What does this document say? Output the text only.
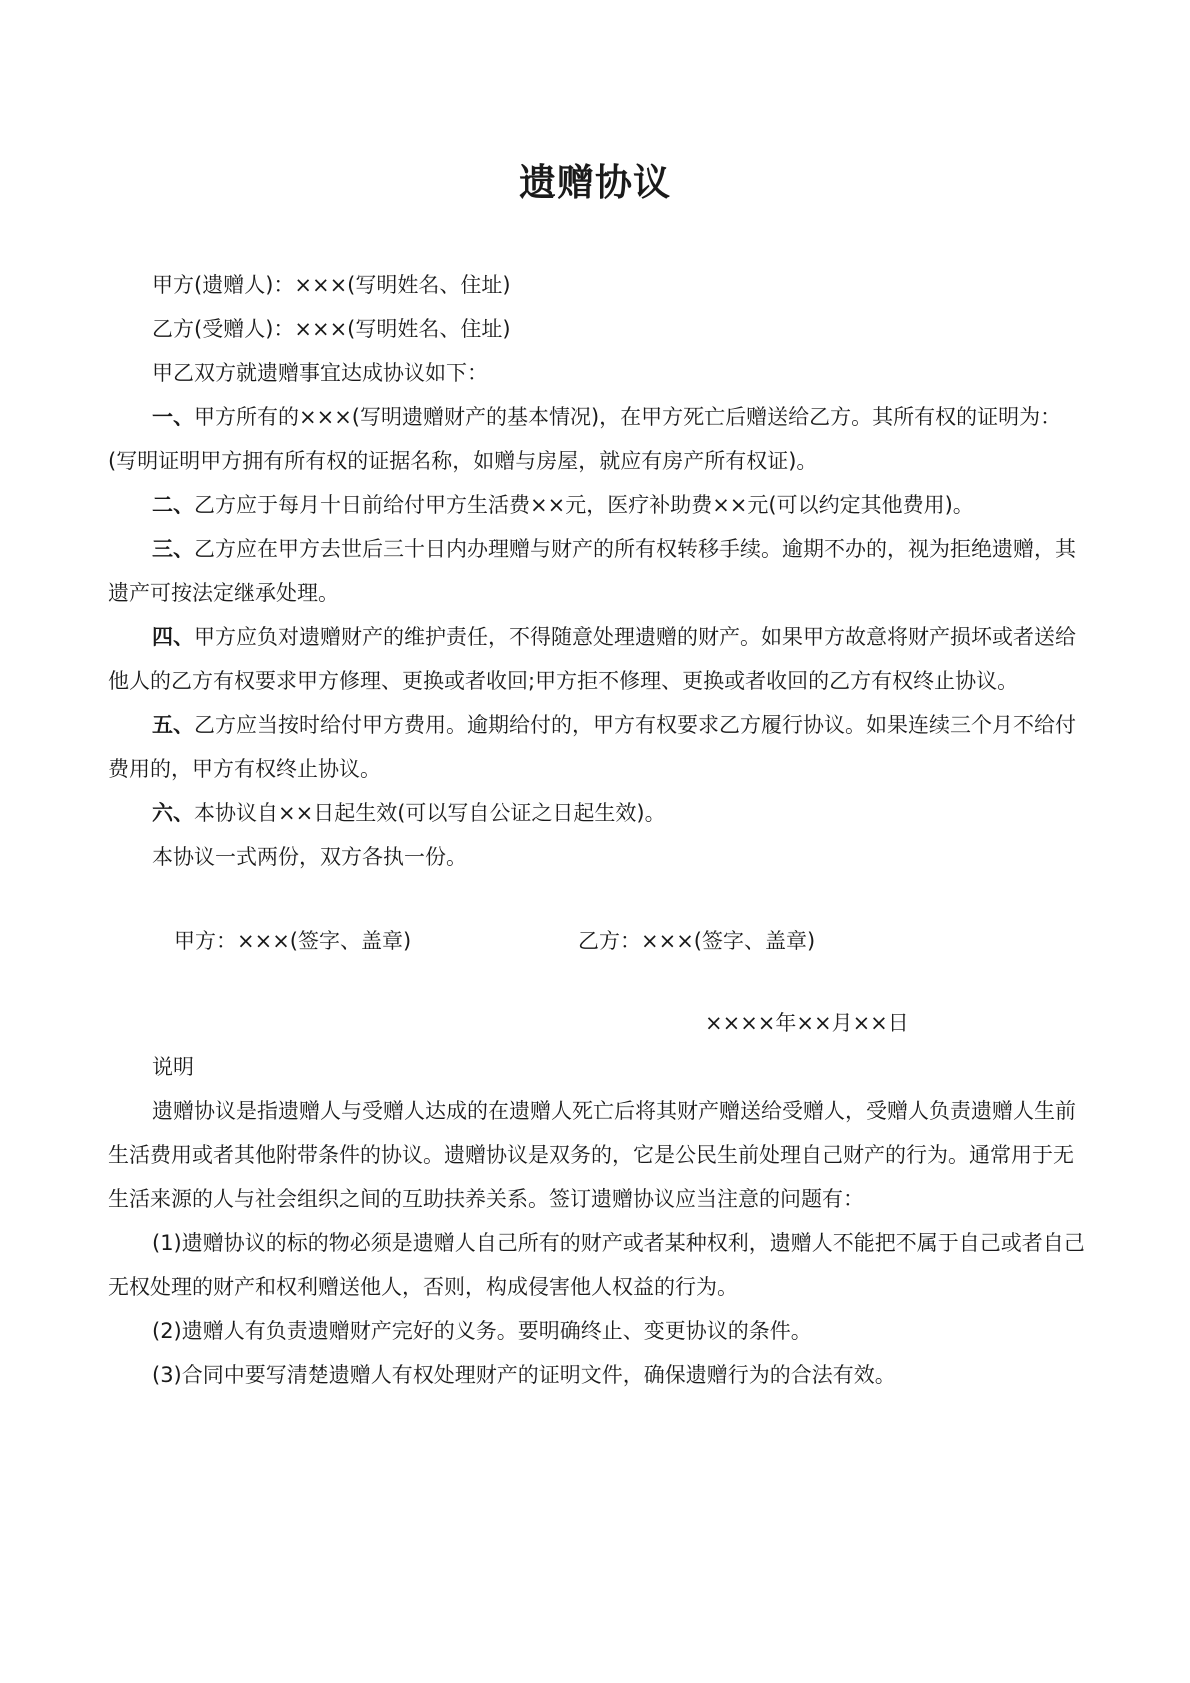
遗赠协议

甲方(遗赠人)：×××(写明姓名、住址)

乙方(受赠人)：×××(写明姓名、住址)

甲乙双方就遗赠事宜达成协议如下：

一、甲方所有的×××(写明遗赠财产的基本情况)，在甲方死亡后赠送给乙方。其所有权的证明为：(写明证明甲方拥有所有权的证据名称，如赠与房屋，就应有房产所有权证)。

二、乙方应于每月十日前给付甲方生活费××元，医疗补助费××元(可以约定其他费用)。

三、乙方应在甲方去世后三十日内办理赠与财产的所有权转移手续。逾期不办的，视为拒绝遗赠，其遗产可按法定继承处理。

四、甲方应负对遗赠财产的维护责任，不得随意处理遗赠的财产。如果甲方故意将财产损坏或者送给他人的乙方有权要求甲方修理、更换或者收回;甲方拒不修理、更换或者收回的乙方有权终止协议。

五、乙方应当按时给付甲方费用。逾期给付的，甲方有权要求乙方履行协议。如果连续三个月不给付费用的，甲方有权终止协议。

六、本协议自××日起生效(可以写自公证之日起生效)。

本协议一式两份，双方各执一份。

甲方：×××(签字、盖章)	乙方：×××(签字、盖章)
××××年××月××日

说明

遗赠协议是指遗赠人与受赠人达成的在遗赠人死亡后将其财产赠送给受赠人，受赠人负责遗赠人生前生活费用或者其他附带条件的协议。遗赠协议是双务的，它是公民生前处理自己财产的行为。通常用于无生活来源的人与社会组织之间的互助扶养关系。签订遗赠协议应当注意的问题有：

(1)遗赠协议的标的物必须是遗赠人自己所有的财产或者某种权利，遗赠人不能把不属于自己或者自己无权处理的财产和权利赠送他人，否则，构成侵害他人权益的行为。

(2)遗赠人有负责遗赠财产完好的义务。要明确终止、变更协议的条件。

(3)合同中要写清楚遗赠人有权处理财产的证明文件，确保遗赠行为的合法有效。
